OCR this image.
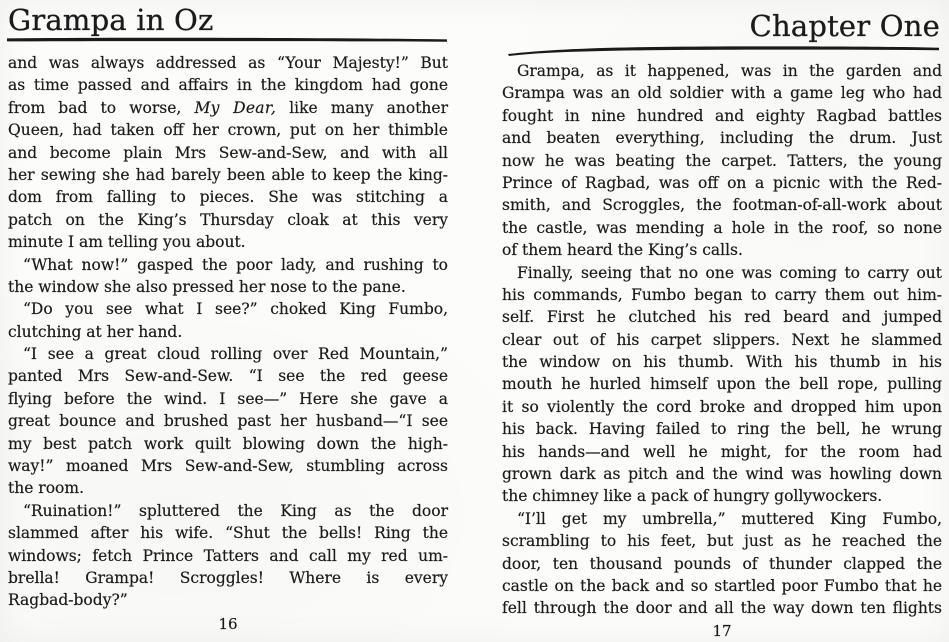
Grampa in Oz
and was always addressed as “Your Majesty!” But
as time passed and affairs in the kingdom had gone
from bad to worse, My Dear, like many another
Queen, had taken off her crown, put on her thimble
and become plain Mrs Sew-and-Sew, and with all
her sewing she had barely been able to keep the king-
dom from falling to pieces. She was stitching a
patch on the King’s Thursday cloak at this very
minute I am telling you about.
“What now!” gasped the poor lady, and rushing to
the window she also pressed her nose to the pane.
“Do you see what I see?” choked King Fumbo,
clutching at her hand.
“I see a great cloud rolling over Red Mountain,”
panted Mrs Sew-and-Sew. “I see the red geese
flying before the wind. I see—” Here she gave a
great bounce and brushed past her husband—“I see
my best patch work quilt blowing down the high-
way!” moaned Mrs Sew-and-Sew, stumbling across
the room.
“Ruination!” spluttered the King as the door
slammed after his wife. “Shut the bells! Ring the
windows; fetch Prince Tatters and call my red um-
brella! Grampa! Scroggles! Where is every
Ragbad-body?”
16
Chapter One
Grampa, as it happened, was in the garden and
Grampa was an old soldier with a game leg who had
fought in nine hundred and eighty Ragbad battles
and beaten everything, including the drum. Just
now he was beating the carpet. Tatters, the young
Prince of Ragbad, was off on a picnic with the Red-
smith, and Scroggles, the footman-of-all-work about
the castle, was mending a hole in the roof, so none
of them heard the King’s calls.
Finally, seeing that no one was coming to carry out
his commands, Fumbo began to carry them out him-
self. First he clutched his red beard and jumped
clear out of his carpet slippers. Next he slammed
the window on his thumb. With his thumb in his
mouth he hurled himself upon the bell rope, pulling
it so violently the cord broke and dropped him upon
his back. Having failed to ring the bell, he wrung
his hands—and well he might, for the room had
grown dark as pitch and the wind was howling down
the chimney like a pack of hungry gollywockers.
“I’ll get my umbrella,” muttered King Fumbo,
scrambling to his feet, but just as he reached the
door, ten thousand pounds of thunder clapped the
castle on the back and so startled poor Fumbo that he
fell through the door and all the way down ten flights
17
